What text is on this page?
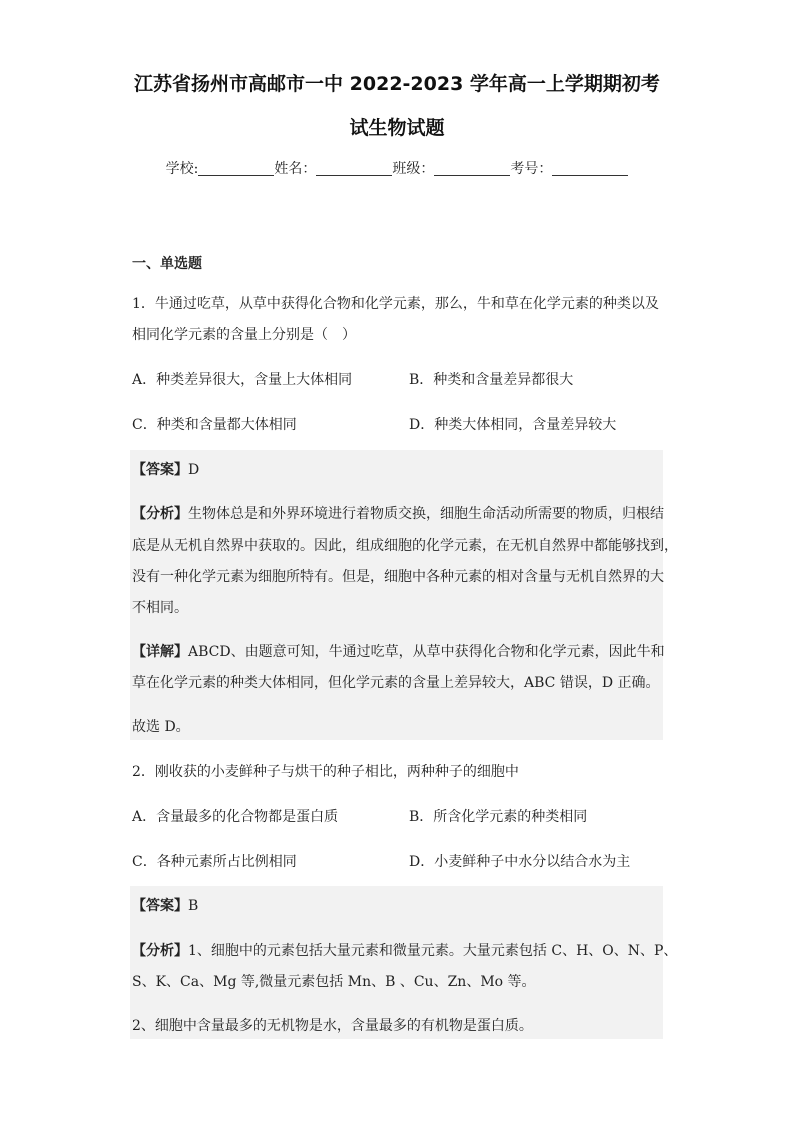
江苏省扬州市高邮市一中 2022-2023 学年高一上学期期初考
试生物试题
学校:	姓名：	班级：	考号：
一、单选题
1．牛通过吃草，从草中获得化合物和化学元素，那么，牛和草在化学元素的种类以及
相同化学元素的含量上分别是（　）
A．种类差异很大，含量上大体相同	B．种类和含量差异都很大
C．种类和含量都大体相同	D．种类大体相同，含量差异较大
【答案】D
【分析】生物体总是和外界环境进行着物质交换，细胞生命活动所需要的物质，归根结
底是从无机自然界中获取的。因此，组成细胞的化学元素，在无机自然界中都能够找到，
没有一种化学元素为细胞所特有。但是，细胞中各种元素的相对含量与无机自然界的大
不相同。
【详解】ABCD、由题意可知，牛通过吃草，从草中获得化合物和化学元素，因此牛和
草在化学元素的种类大体相同，但化学元素的含量上差异较大，ABC 错误，D 正确。
故选 D。
2．刚收获的小麦鲜种子与烘干的种子相比，两种种子的细胞中
A．含量最多的化合物都是蛋白质	B．所含化学元素的种类相同
C．各种元素所占比例相同	D．小麦鲜种子中水分以结合水为主
【答案】B
【分析】1、细胞中的元素包括大量元素和微量元素。大量元素包括 C、H、O、N、P、
S、K、Ca、Mg 等,微量元素包括 Mn、B 、Cu、Zn、Mo 等。
2、细胞中含量最多的无机物是水，含量最多的有机物是蛋白质。
